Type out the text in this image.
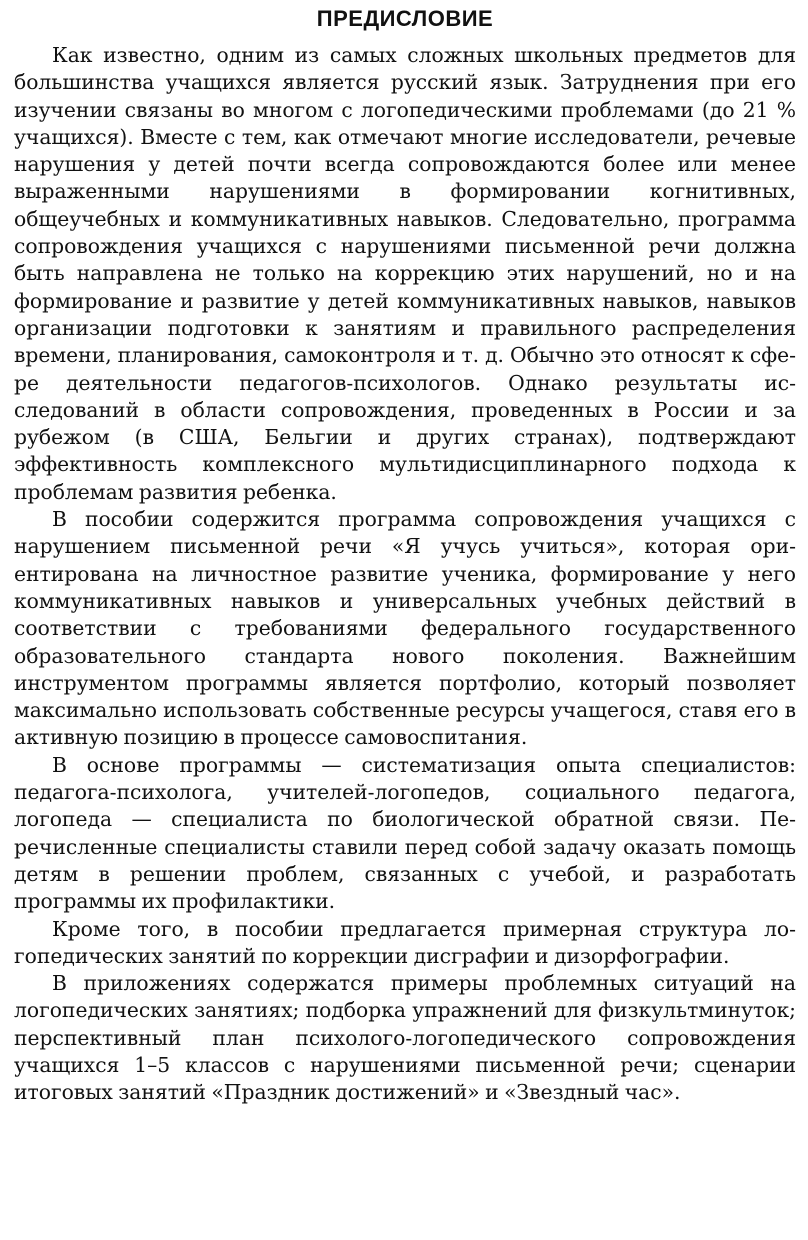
ПРЕДИСЛОВИЕ

Как известно, одним из самых сложных школьных предметов для большинства учащихся является русский язык. Затруднения при его изучении связаны во многом с логопедическими проблемами (до 21 % учащихся). Вместе с тем, как отмечают многие исследователи, речевые нарушения у детей почти всегда сопровождаются более или менее выраженными нарушениями в формировании когнитивных, общеучебных и коммуникативных навыков. Следовательно, программа сопровождения учащихся с нарушениями письменной речи должна быть направлена не только на коррекцию этих нарушений, но и на формирование и развитие у детей коммуникативных навыков, навыков организации подготовки к занятиям и правильного распределения времени, планирования, самоконтроля и т. д. Обычно это относят к сфере деятельности педагогов-психологов. Однако результаты исследований в области сопровождения, проведенных в России и за рубежом (в США, Бельгии и других странах), подтверждают эффективность комплексного мультидисциплинарного подхода к проблемам развития ребенка.

В пособии содержится программа сопровождения учащихся с нарушением письменной речи «Я учусь учиться», которая ориентирована на личностное развитие ученика, формирование у него коммуникативных навыков и универсальных учебных действий в соответствии с требованиями федерального государственного образовательного стандарта нового поколения. Важнейшим инструментом программы является портфолио, который позволяет максимально использовать собственные ресурсы учащегося, ставя его в активную позицию в процессе самовоспитания.

В основе программы — систематизация опыта специалистов: педагога-психолога, учителей-логопедов, социального педагога, логопеда — специалиста по биологической обратной связи. Перечисленные специалисты ставили перед собой задачу оказать помощь детям в решении проблем, связанных с учебой, и разработать программы их профилактики.

Кроме того, в пособии предлагается примерная структура логопедических занятий по коррекции дисграфии и дизорфографии.

В приложениях содержатся примеры проблемных ситуаций на логопедических занятиях; подборка упражнений для физкультминуток; перспективный план психолого-логопедического сопровождения учащихся 1–5 классов с нарушениями письменной речи; сценарии итоговых занятий «Праздник достижений» и «Звездный час».
